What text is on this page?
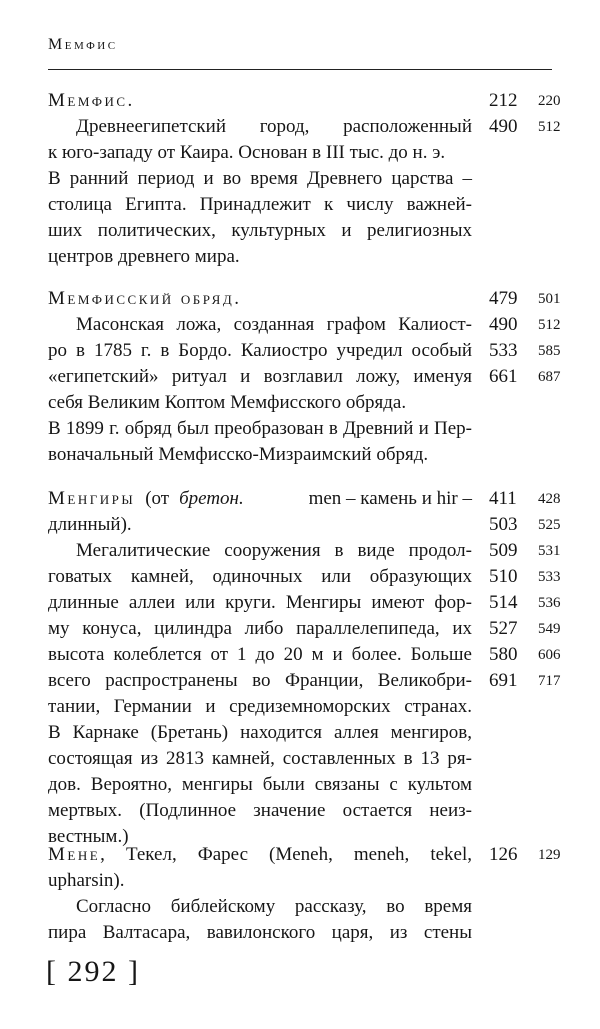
Мемфис
Мемфис.	212 220
Древнеегипетский город, расположенный 490 512
к юго-западу от Каира. Основан в III тыс. до н. э.
В ранний период и во время Древнего царства –
столица Египта. Принадлежит к числу важней-
ших политических, культурных и религиозных
центров древнего мира.
Мемфисский обряд.	479 501
Масонская ложа, созданная графом Калиост- 490 512
ро в 1785 г. в Бордо. Калиостро учредил особый 533 585
«египетский» ритуал и возглавил ложу, именуя 661 687
себя Великим Коптом Мемфисского обряда.
В 1899 г. обряд был преобразован в Древний и Пер-
воначальный Мемфисско-Мизраимский обряд.
Менгиры (от бретон.	men – камень и hir – 411 428
длинный).	503 525
Мегалитические сооружения в виде продол- 509 531
говатых камней, одиночных или образующих 510 533
длинные аллеи или круги. Менгиры имеют фор- 514 536
му конуса, цилиндра либо параллелепипеда, их 527 549
высота колеблется от 1 до 20 м и более. Больше 580 606
всего распространены во Франции, Великобри- 691 717
тании, Германии и средиземноморских странах.
В Карнаке (Бретань) находится аллея менгиров,
состоящая из 2813 камней, составленных в 13 ря-
дов. Вероятно, менгиры были связаны с культом
мертвых. (Подлинное значение остается неиз-
вестным.)
Мене, Текел, Фарес (Meneh, meneh, tekel, 126 129
upharsin).
Согласно библейскому рассказу, во время
пира Валтасара, вавилонского царя, из стены
[ 292 ]
